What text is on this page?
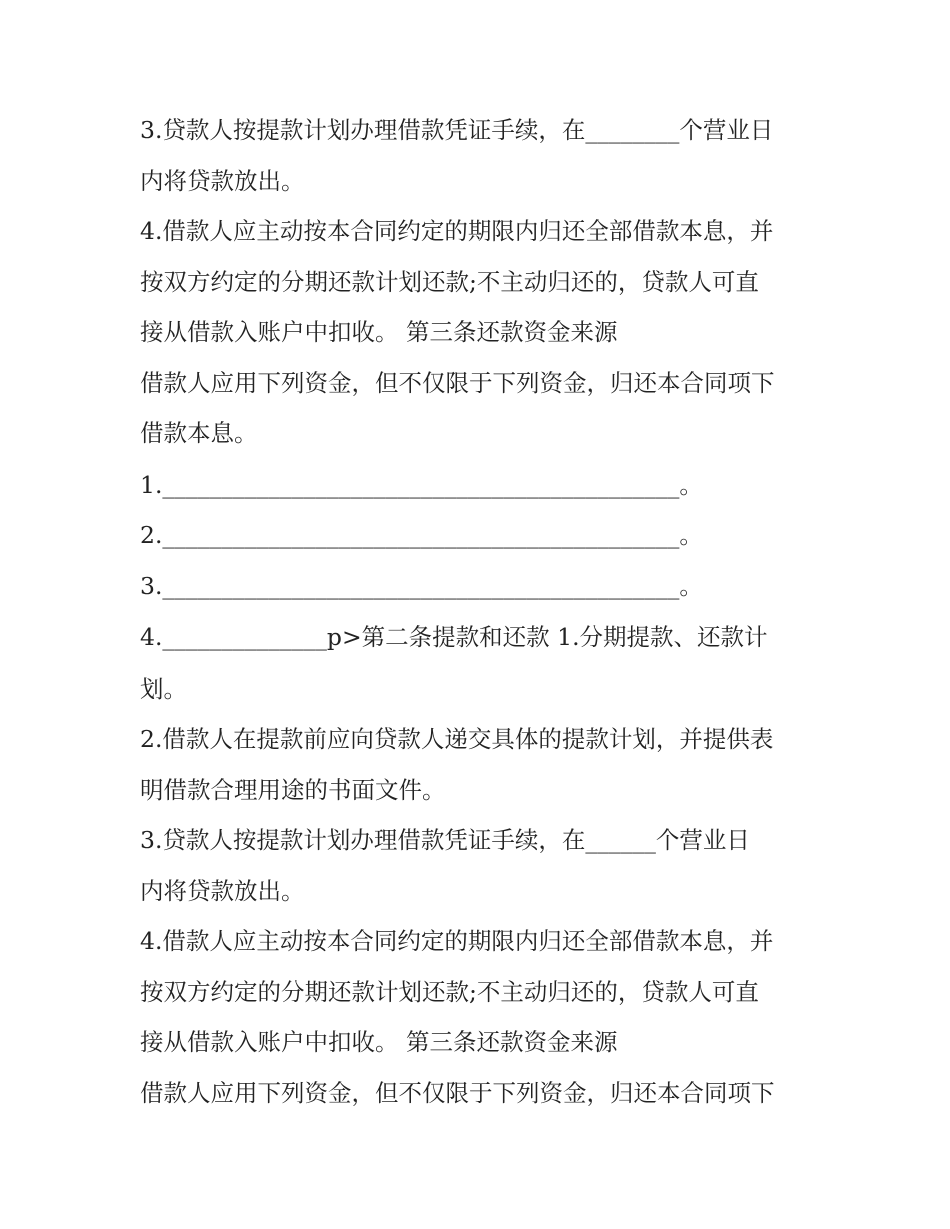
3.贷款人按提款计划办理借款凭证手续，在________个营业日
内将贷款放出。
4.借款人应主动按本合同约定的期限内归还全部借款本息，并
按双方约定的分期还款计划还款;不主动归还的，贷款人可直
接从借款入账户中扣收。 第三条还款资金来源
借款人应用下列资金，但不仅限于下列资金，归还本合同项下
借款本息。
1.____________________________________________。
2.____________________________________________。
3.____________________________________________。
4.______________p>第二条提款和还款 1.分期提款、还款计
划。
2.借款人在提款前应向贷款人递交具体的提款计划，并提供表
明借款合理用途的书面文件。
3.贷款人按提款计划办理借款凭证手续，在______个营业日
内将贷款放出。
4.借款人应主动按本合同约定的期限内归还全部借款本息，并
按双方约定的分期还款计划还款;不主动归还的，贷款人可直
接从借款入账户中扣收。 第三条还款资金来源
借款人应用下列资金，但不仅限于下列资金，归还本合同项下
